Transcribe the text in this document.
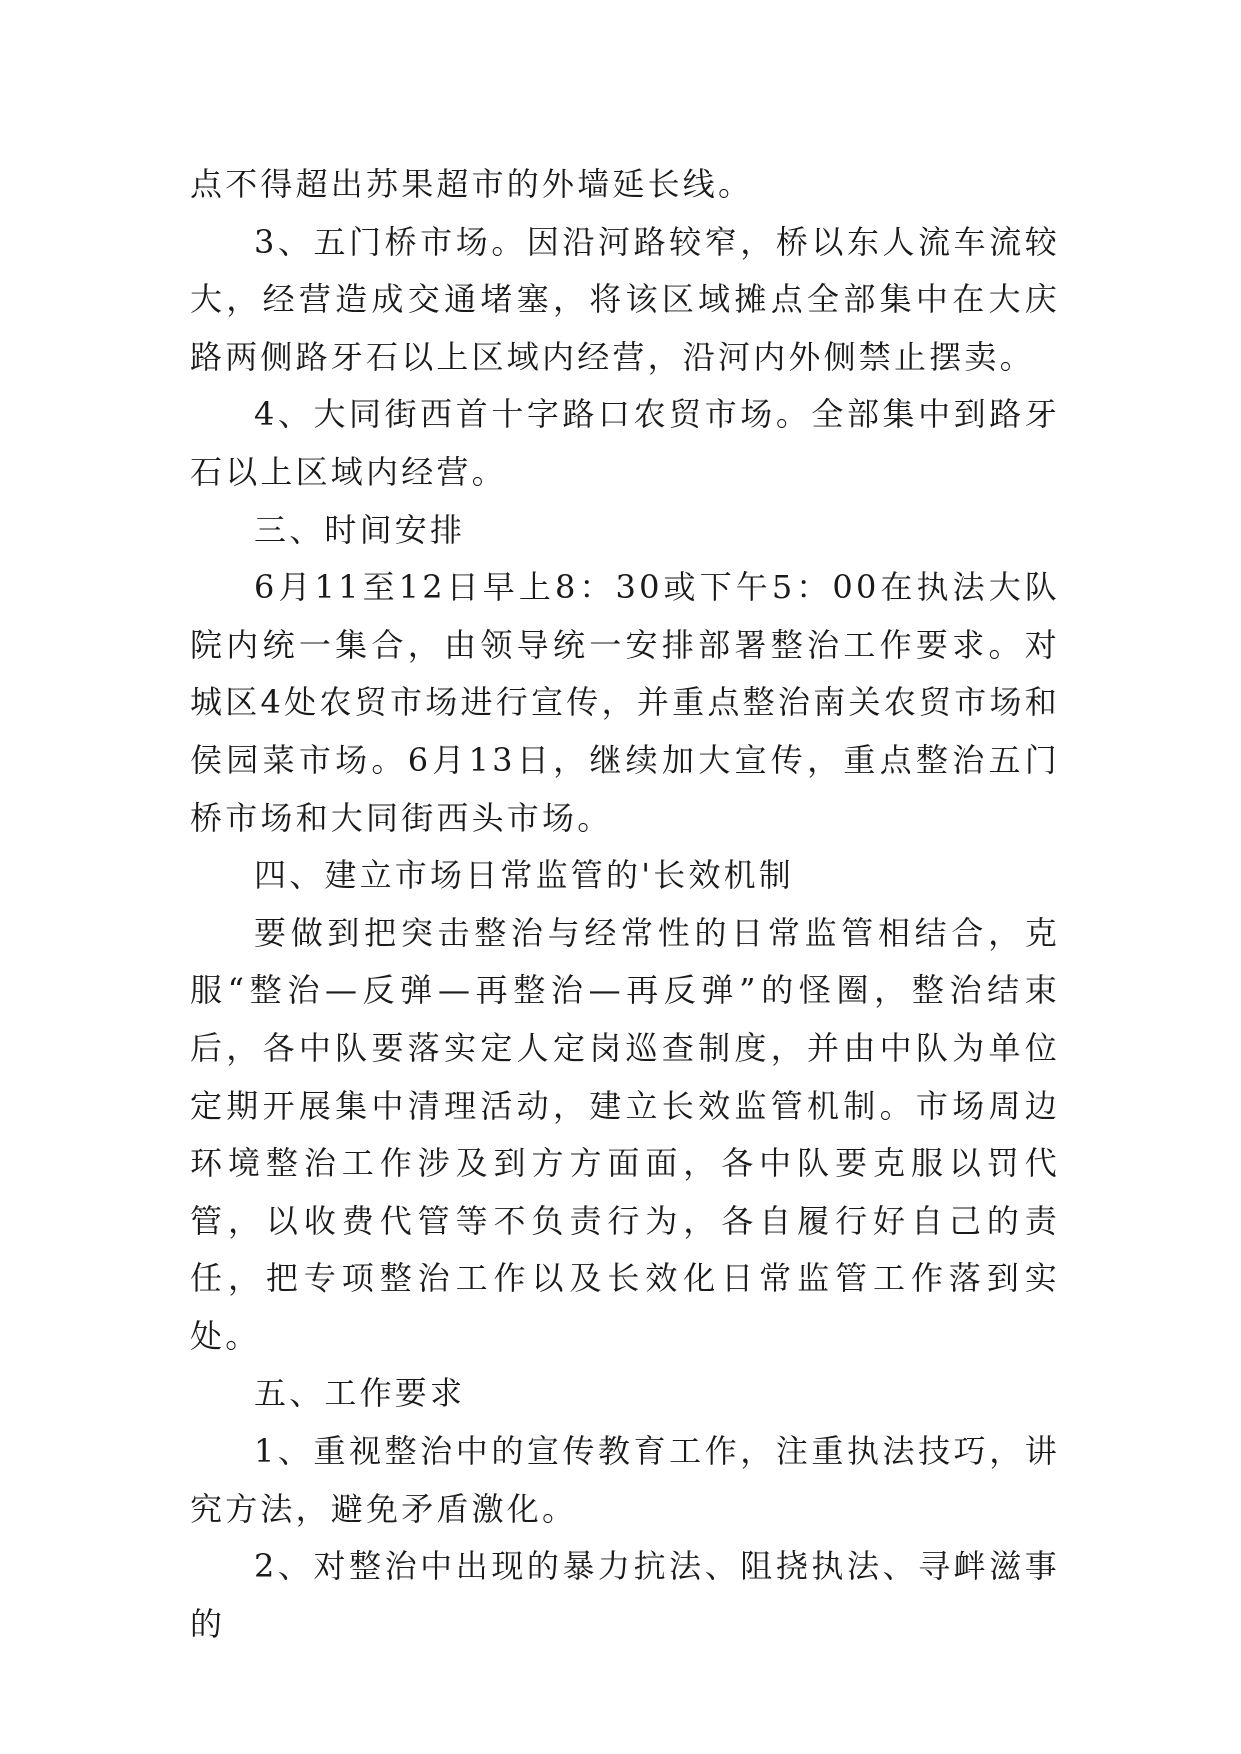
点不得超出苏果超市的外墙延长线。

3、五门桥市场。因沿河路较窄，桥以东人流车流较大，经营造成交通堵塞，将该区域摊点全部集中在大庆路两侧路牙石以上区域内经营，沿河内外侧禁止摆卖。

4、大同街西首十字路口农贸市场。全部集中到路牙石以上区域内经营。

三、时间安排

6月11至12日早上8：30或下午5：00在执法大队院内统一集合，由领导统一安排部署整治工作要求。对城区4处农贸市场进行宣传，并重点整治南关农贸市场和侯园菜市场。6月13日，继续加大宣传，重点整治五门桥市场和大同街西头市场。

四、建立市场日常监管的'长效机制

要做到把突击整治与经常性的日常监管相结合，克服“整治—反弹—再整治—再反弹”的怪圈，整治结束后，各中队要落实定人定岗巡查制度，并由中队为单位定期开展集中清理活动，建立长效监管机制。市场周边环境整治工作涉及到方方面面，各中队要克服以罚代管，以收费代管等不负责行为，各自履行好自己的责任，把专项整治工作以及长效化日常监管工作落到实处。

五、工作要求

1、重视整治中的宣传教育工作，注重执法技巧，讲究方法，避免矛盾激化。

2、对整治中出现的暴力抗法、阻挠执法、寻衅滋事的
